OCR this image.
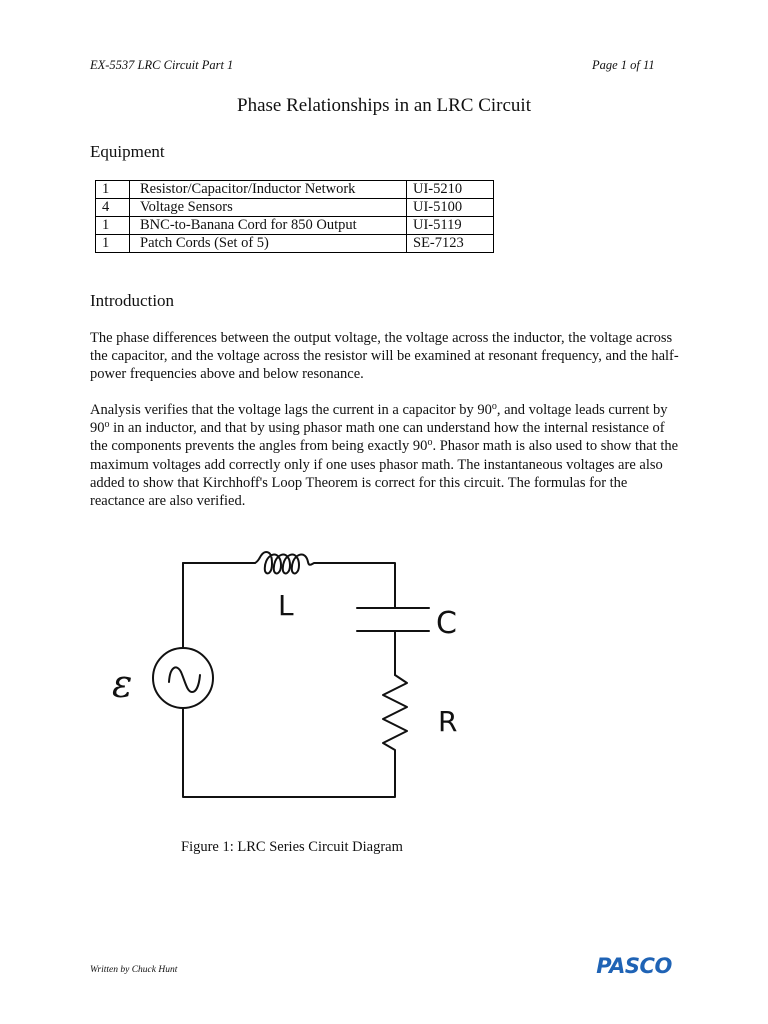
EX-5537 LRC Circuit Part 1	Page 1 of 11
Phase Relationships in an LRC Circuit
Equipment
1	Resistor/Capacitor/Inductor Network	UI-5210
4	Voltage Sensors	UI-5100
1	BNC-to-Banana Cord for 850 Output	UI-5119
1	Patch Cords (Set of 5)	SE-7123
Introduction
The phase differences between the output voltage, the voltage across the inductor, the voltage across the capacitor, and the voltage across the resistor will be examined at resonant frequency, and the half-power frequencies above and below resonance.
Analysis verifies that the voltage lags the current in a capacitor by 90$^o$, and voltage leads current by 90$^o$ in an inductor, and that by using phasor math one can understand how the internal resistance of the components prevents the angles from being exactly 90$^o$. Phasor math is also used to show that the maximum voltages add correctly only if one uses phasor math. The instantaneous voltages are also added to show that Kirchhoff's Loop Theorem is correct for this circuit. The formulas for the reactance are also verified.
L
C
R
ε
Figure 1: LRC Series Circuit Diagram
Written by Chuck Hunt	PASCO
